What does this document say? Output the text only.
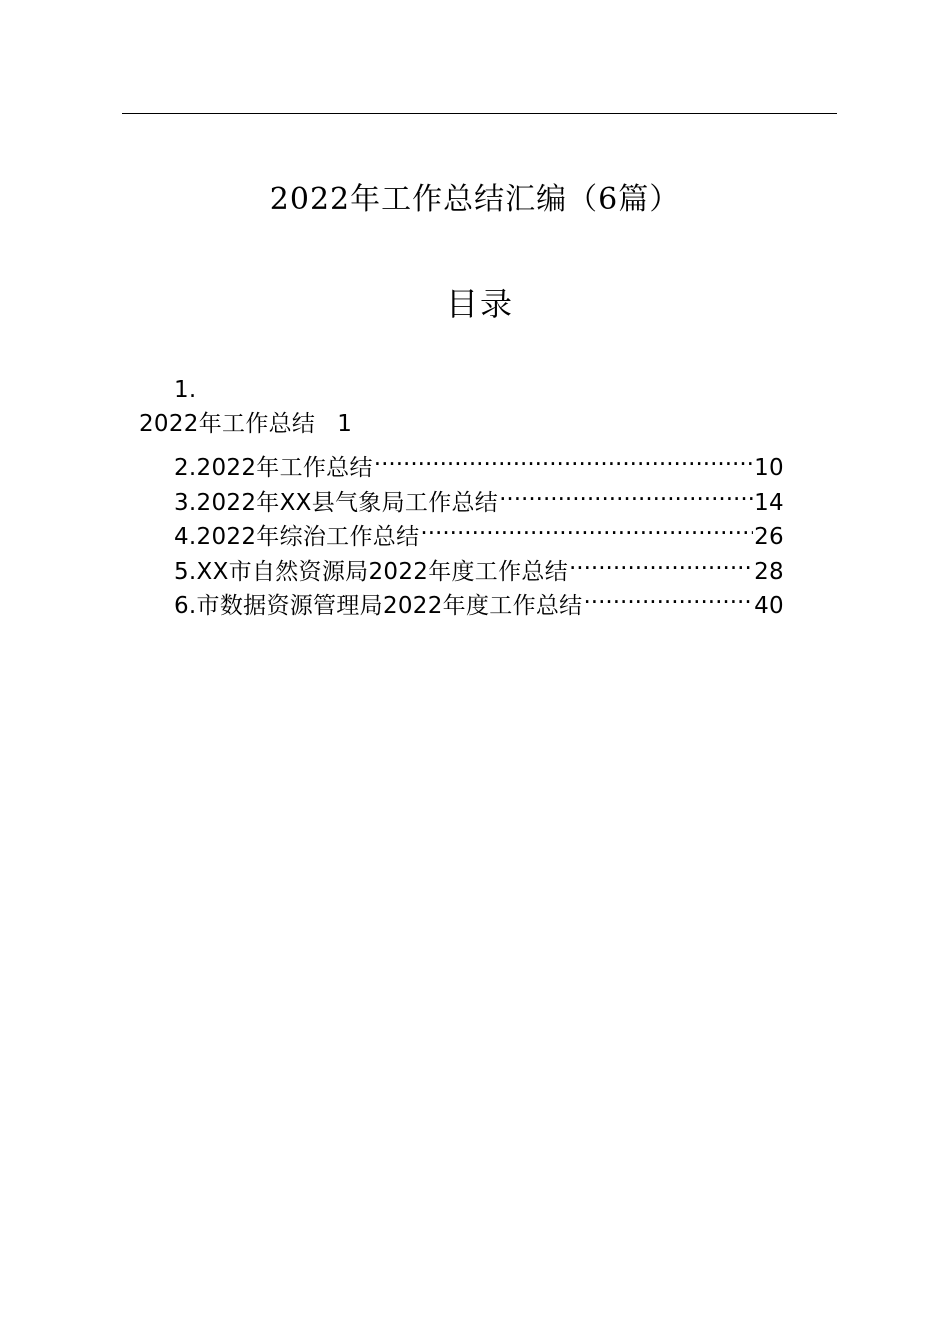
2022年工作总结汇编（6篇）
目录
1.
2022年工作总结 1
2.2022年工作总结 .....	10
3.2022年XX县气象局工作总结 .....	14
4.2022年综治工作总结 .....	26
5.XX市自然资源局2022年度工作总结 .....	28
6.市数据资源管理局2022年度工作总结 .....	40
